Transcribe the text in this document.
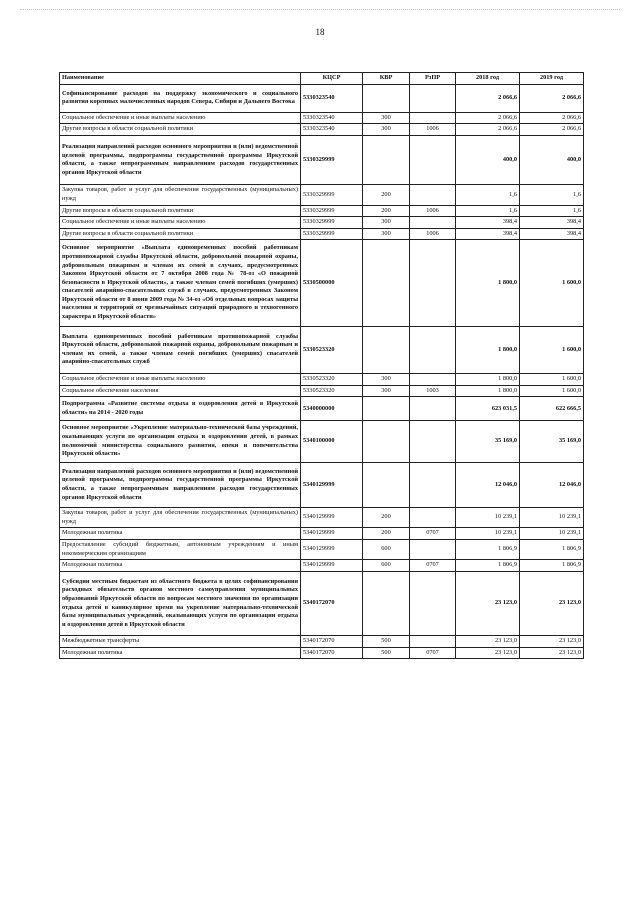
18
Наименование	КЦСР	КВР	РзПР	2018 год	2019 год
Софинансирование расходов на поддержку экономического и социального развития коренных малочисленных народов Севера, Сибири и Дальнего Востока	5330323540			2 066,6	2 066,6
Социальное обеспечение и иные выплаты населению	5330323540	300		2 066,6	2 066,6
Другие вопросы в области социальной политики	5330323540	300	1006	2 066,6	2 066,6
Реализация направлений расходов основного мероприятия и (или) ведомственной целевой программы, подпрограммы государственной программы Иркутской области, а также непрограммным направлениям расходов государственных органов Иркутской области	5330329999			400,0	400,0
Закупка товаров, работ и услуг для обеспечения государственных (муниципальных) нужд	5330329999	200		1,6	1,6
Другие вопросы в области социальной политики	5330329999	200	1006	1,6	1,6
Социальное обеспечение и иные выплаты населению	5330329999	300		398,4	398,4
Другие вопросы в области социальной политики	5330329999	300	1006	398,4	398,4
Основное мероприятие «Выплата единовременных пособий работникам противопожарной службы Иркутской области, добровольной пожарной охраны, добровольным пожарным и членам их семей в случаях, предусмотренных Законом Иркутской области от 7 октября 2008 года № 78-оз «О пожарной безопасности в Иркутской области», а также членам семей погибших (умерших) спасателей аварийно-спасательных служб в случаях, предусмотренных Законом Иркутской области от 8 июня 2009 года № 34-оз «Об отдельных вопросах защиты населения и территорий от чрезвычайных ситуаций природного и техногенного характера в Иркутской области»	5330500000			1 800,0	1 600,0
Выплата единовременных пособий работникам противопожарной службы Иркутской области, добровольной пожарной охраны, добровольным пожарным и членам их семей, а также членам семей погибших (умерших) спасателей аварийно-спасательных служб	5330523320			1 800,0	1 600,0
Социальное обеспечение и иные выплаты населению	5330523320	300		1 800,0	1 600,0
Социальное обеспечение населения	5330523320	300	1003	1 800,0	1 600,0
Подпрограмма «Развитие системы отдыха и оздоровления детей в Иркутской области» на 2014 - 2020 годы	5340000000			623 031,5	622 666,5
Основное мероприятие «Укрепление материально-технической базы учреждений, оказывающих услуги по организации отдыха и оздоровления детей, в рамках полномочий министерства социального развития, опеки и попечительства Иркутской области»	5340100000			35 169,0	35 169,0
Реализация направлений расходов основного мероприятия и (или) ведомственной целевой программы, подпрограммы государственной программы Иркутской области, а также непрограммным направлениям расходов государственных органов Иркутской области	5340129999			12 046,0	12 046,0
Закупка товаров, работ и услуг для обеспечения государственных (муниципальных) нужд	5340129999	200		10 239,1	10 239,1
Молодежная политика	5340129999	200	0707	10 239,1	10 239,1
Предоставление субсидий бюджетным, автономным учреждениям и иным некоммерческим организациям	5340129999	600		1 806,9	1 806,9
Молодежная политика	5340129999	600	0707	1 806,9	1 806,9
Субсидии местным бюджетам из областного бюджета в целях софинансирования расходных обязательств органов местного самоуправления муниципальных образований Иркутской области по вопросам местного значения по организации отдыха детей в каникулярное время на укрепление материально-технической базы муниципальных учреждений, оказывающих услуги по организации отдыха и оздоровления детей в Иркутской области	5340172070			23 123,0	23 123,0
Межбюджетные трансферты	5340172070	500		23 123,0	23 123,0
Молодежная политика	5340172070	500	0707	23 123,0	23 123,0
